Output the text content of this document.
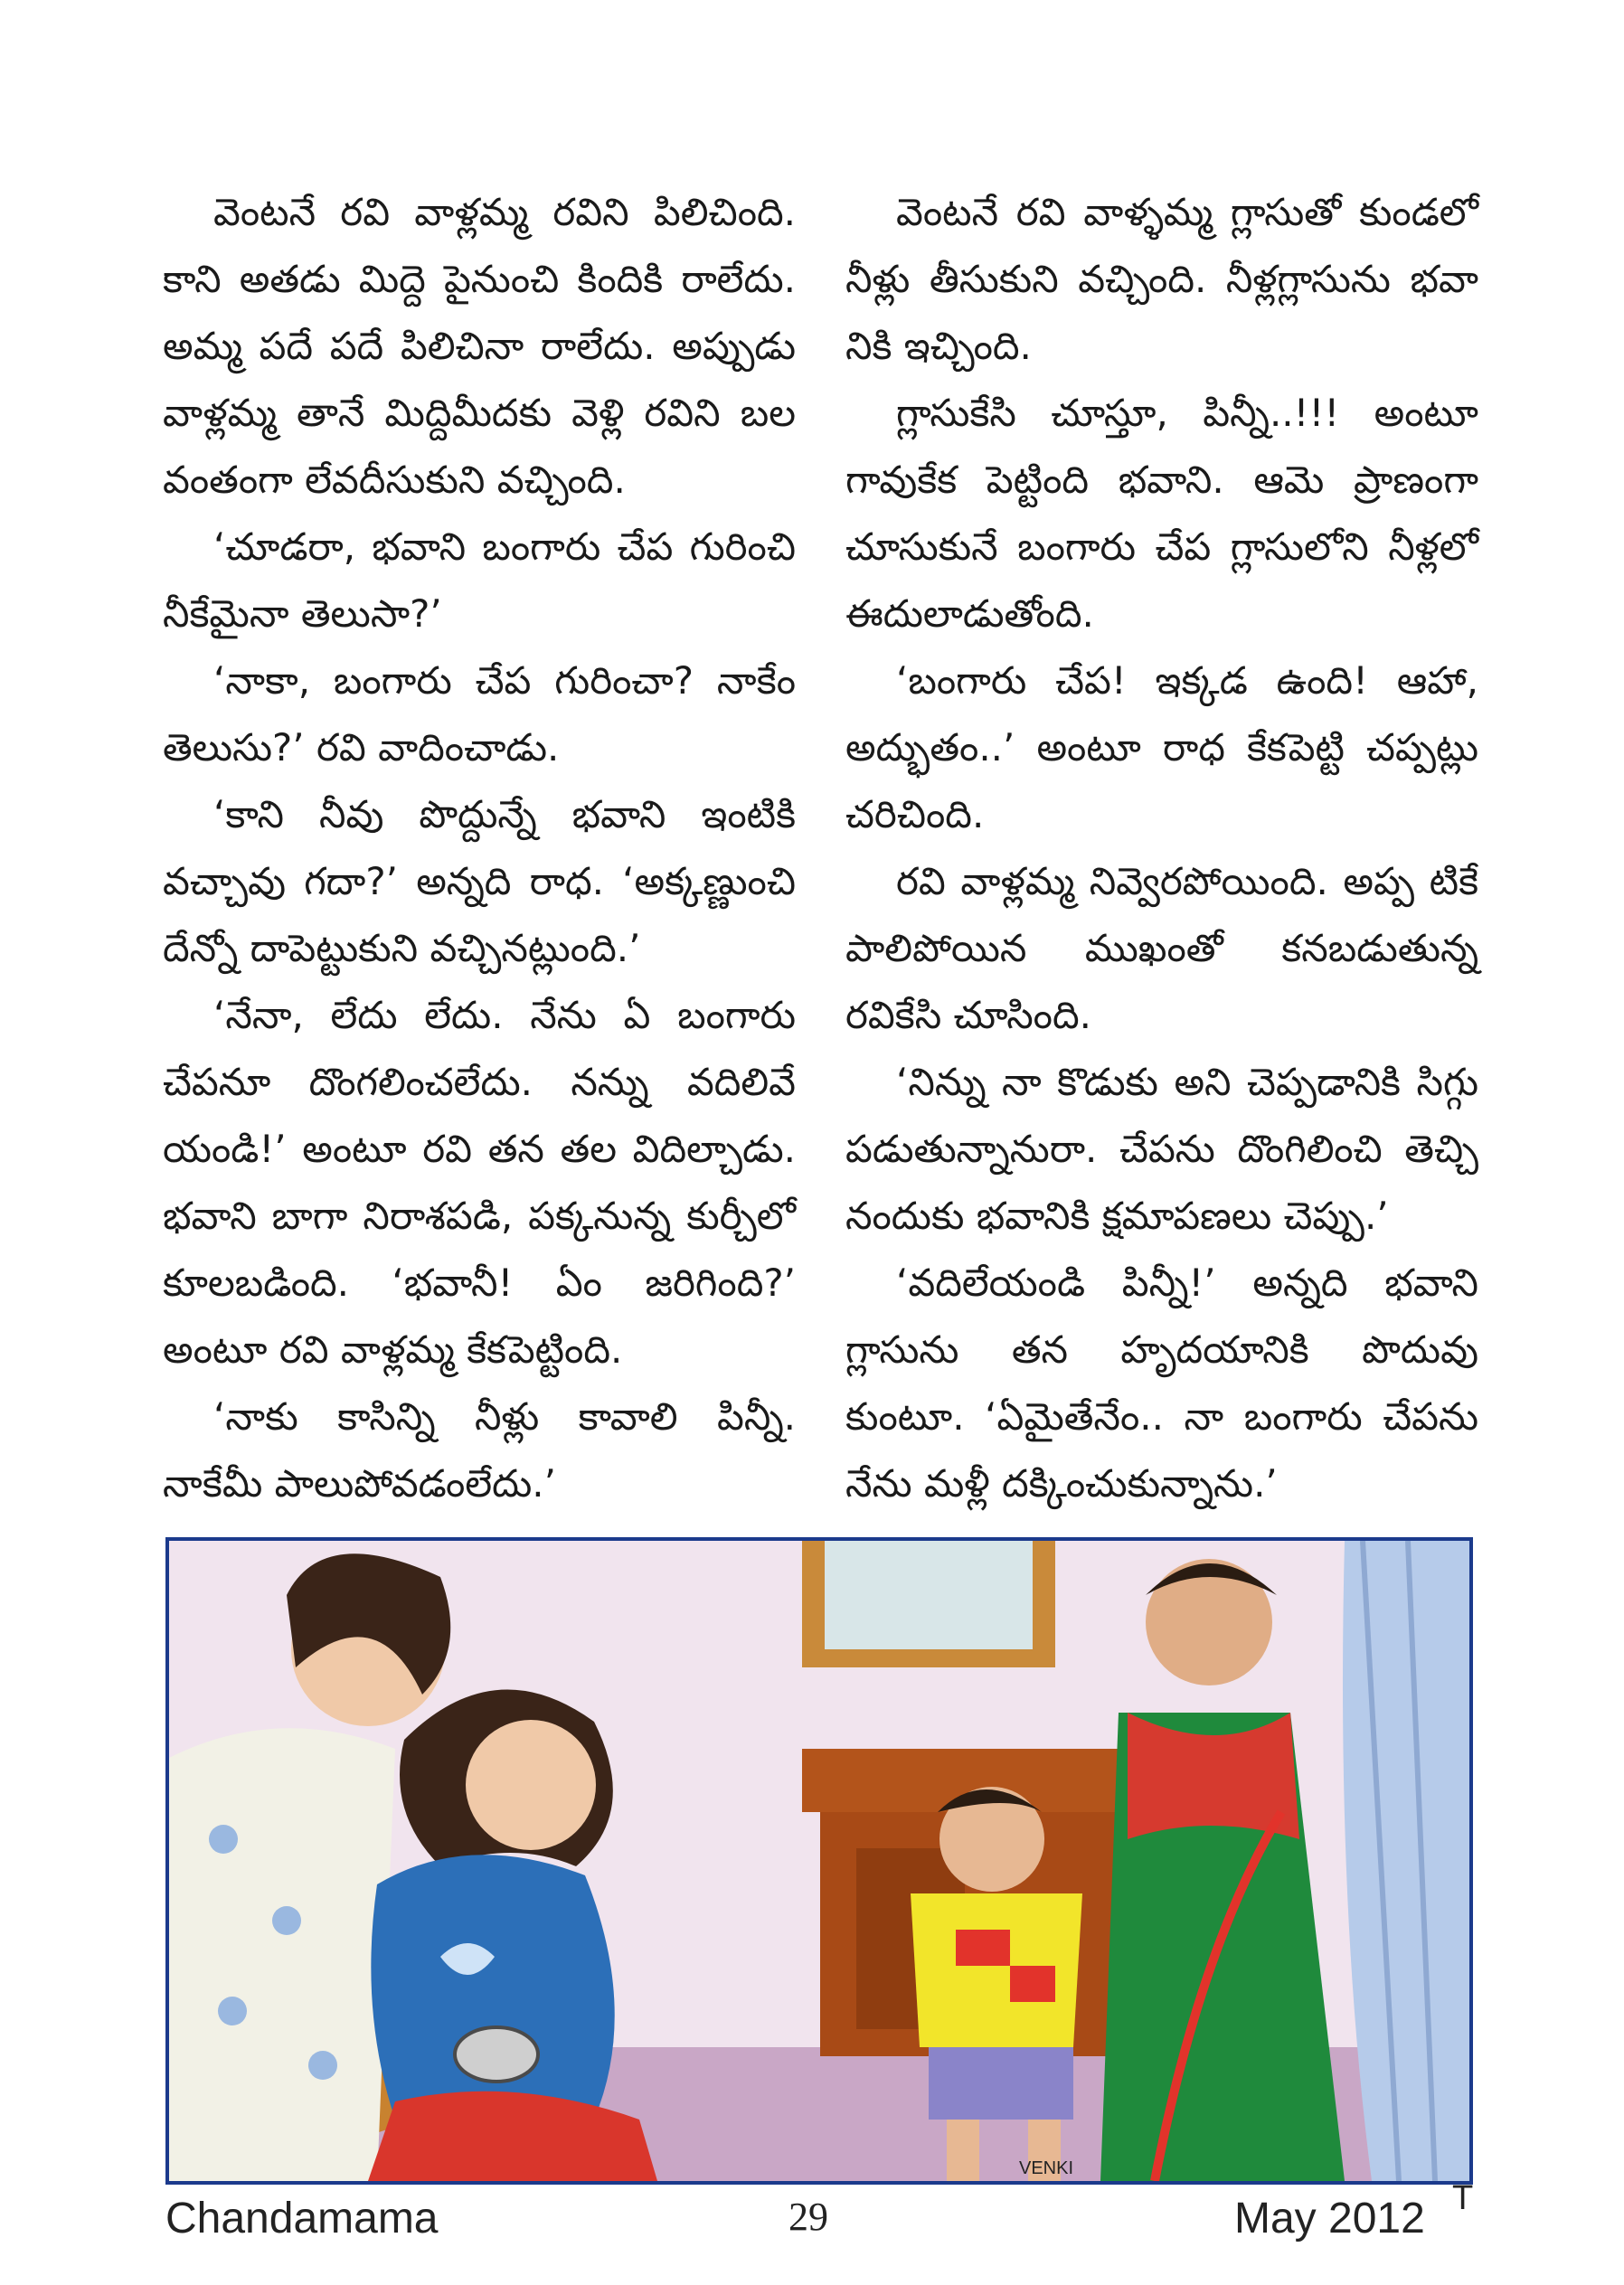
వెంటనే రవి వాళ్లమ్మ రవిని పిలిచింది. కాని అతడు మిద్దె పైనుంచి కిందికి రాలేదు. అమ్మ పదే పదే పిలిచినా రాలేదు. అప్పుడు వాళ్లమ్మ తానే మిద్దిమీదకు వెళ్లి రవిని బల వంతంగా లేవదీసుకుని వచ్చింది.

‘చూడరా, భవాని బంగారు చేప గురించి నీకేమైనా తెలుసా?’

‘నాకా, బంగారు చేప గురించా? నాకేం తెలుసు?’ రవి వాదించాడు.

‘కాని నీవు పొద్దున్నే భవాని ఇంటికి వచ్చావు గదా?’ అన్నది రాధ. ‘అక్కణ్ణుంచి దేన్నో దాపెట్టుకుని వచ్చినట్లుంది.’

‘నేనా, లేదు లేదు. నేను ఏ బంగారు చేపనూ దొంగలించలేదు. నన్ను వదిలివే యండి!’ అంటూ రవి తన తల విదిల్చాడు. భవాని బాగా నిరాశపడి, పక్కనున్న కుర్చీలో కూలబడింది. ‘భవానీ! ఏం జరిగింది?’ అంటూ రవి వాళ్లమ్మ కేకపెట్టింది.

‘నాకు కాసిన్ని నీళ్లు కావాలి పిన్నీ. నాకేమీ పాలుపోవడంలేదు.’

వెంటనే రవి వాళ్ళమ్మ గ్లాసుతో కుండలో నీళ్లు తీసుకుని వచ్చింది. నీళ్లగ్లాసును భవా నికి ఇచ్చింది.

గ్లాసుకేసి చూస్తూ, పిన్నీ..!!! అంటూ గావుకేక పెట్టింది భవాని. ఆమె ప్రాణంగా చూసుకునే బంగారు చేప గ్లాసులోని నీళ్లలో ఈదులాడుతోంది.

‘బంగారు చేప! ఇక్కడ ఉంది! ఆహా, అద్భుతం..’ అంటూ రాధ కేకపెట్టి చప్పట్లు చరిచింది.

రవి వాళ్లమ్మ నివ్వెరపోయింది. అప్ప టికే పాలిపోయిన ముఖంతో కనబడుతున్న రవికేసి చూసింది.

‘నిన్ను నా కొడుకు అని చెప్పడానికి సిగ్గు పడుతున్నానురా. చేపను దొంగిలించి తెచ్చి నందుకు భవానికి క్షమాపణలు చెప్పు.’

‘వదిలేయండి పిన్నీ!’ అన్నది భవాని గ్లాసును తన హృదయానికి పొదువు కుంటూ. ‘ఏమైతేనేం.. నా బంగారు చేపను నేను మళ్లీ దక్కించుకున్నాను.’

VENKI
Chandamama	29	May 2012 T
